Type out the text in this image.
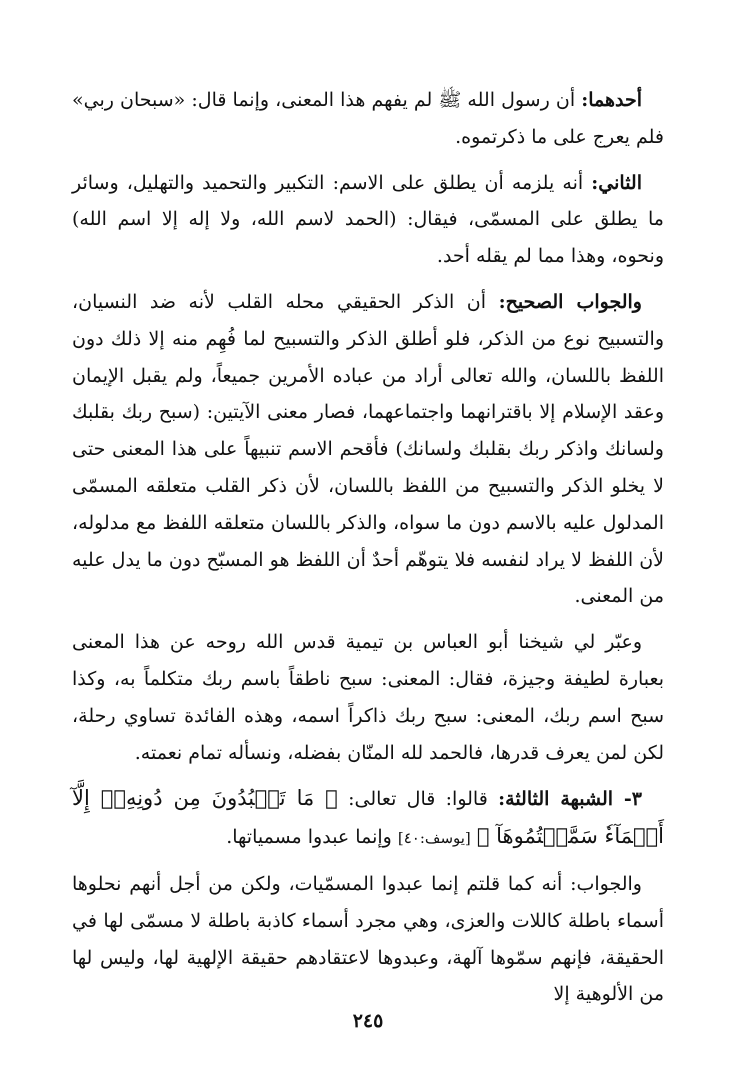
أحدهما: أن رسول الله ﷺ لم يفهم هذا المعنى، وإنما قال: «سبحان ربي» فلم يعرج على ما ذكرتموه.

الثاني: أنه يلزمه أن يطلق على الاسم: التكبير والتحميد والتهليل، وسائر ما يطلق على المسمّى، فيقال: (الحمد لاسم الله، ولا إله إلا اسم الله) ونحوه، وهذا مما لم يقله أحد.

والجواب الصحيح: أن الذكر الحقيقي محله القلب لأنه ضد النسيان، والتسبيح نوع من الذكر، فلو أطلق الذكر والتسبيح لما فُهِم منه إلا ذلك دون اللفظ باللسان، والله تعالى أراد من عباده الأمرين جميعاً، ولم يقبل الإيمان وعقد الإسلام إلا باقترانهما واجتماعهما، فصار معنى الآيتين: (سبح ربك بقلبك ولسانك واذكر ربك بقلبك ولسانك) فأقحم الاسم تنبيهاً على هذا المعنى حتى لا يخلو الذكر والتسبيح من اللفظ باللسان، لأن ذكر القلب متعلقه المسمّى المدلول عليه بالاسم دون ما سواه، والذكر باللسان متعلقه اللفظ مع مدلوله، لأن اللفظ لا يراد لنفسه فلا يتوهّم أحدٌ أن اللفظ هو المسبّح دون ما يدل عليه من المعنى.

وعبّر لي شيخنا أبو العباس بن تيمية قدس الله روحه عن هذا المعنى بعبارة لطيفة وجيزة، فقال: المعنى: سبح ناطقاً باسم ربك متكلماً به، وكذا سبح اسم ربك، المعنى: سبح ربك ذاكراً اسمه، وهذه الفائدة تساوي رحلة، لكن لمن يعرف قدرها، فالحمد لله المنّان بفضله، ونسأله تمام نعمته.

٣- الشبهة الثالثة: قالوا: قال تعالى: ﴿ مَا تَعۡبُدُونَ مِن دُونِهِۦٓ إِلَّآ أَسۡمَآءٗ سَمَّيۡتُمُوهَآ ﴾ [يوسف:٤٠] وإنما عبدوا مسمياتها.

والجواب: أنه كما قلتم إنما عبدوا المسمّيات، ولكن من أجل أنهم نحلوها أسماء باطلة كاللات والعزى، وهي مجرد أسماء كاذبة باطلة لا مسمّى لها في الحقيقة، فإنهم سمّوها آلهة، وعبدوها لاعتقادهم حقيقة الإلهية لها، وليس لها من الألوهية إلا

٢٤٥
